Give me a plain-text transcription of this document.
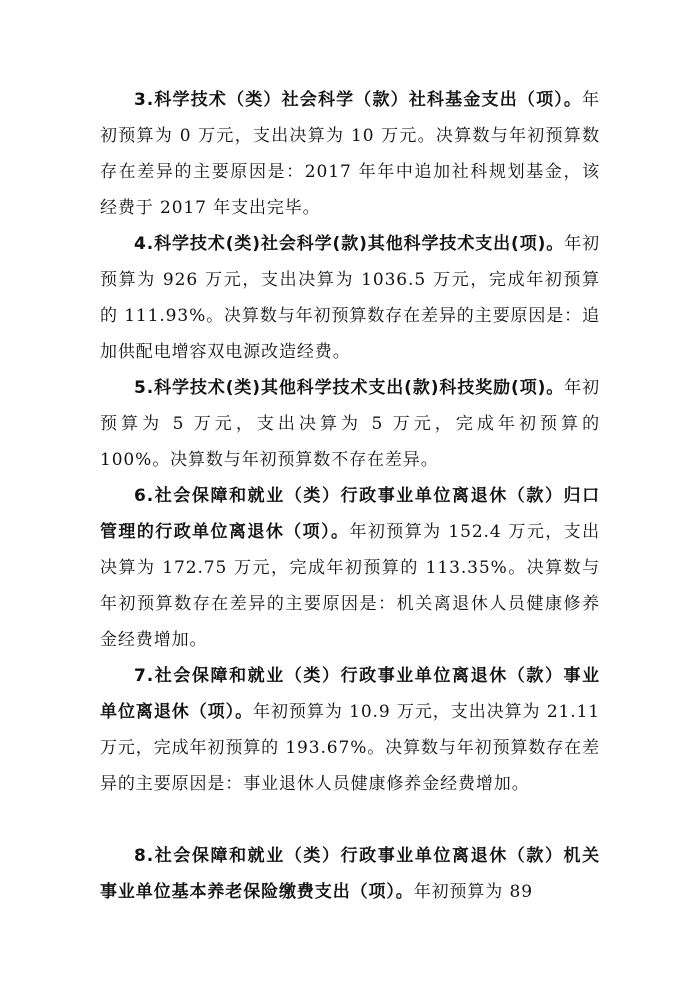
3.科学技术（类）社会科学（款）社科基金支出（项）。年初预算为 0 万元，支出决算为 10 万元。决算数与年初预算数存在差异的主要原因是：2017 年年中追加社科规划基金，该经费于 2017 年支出完毕。

4.科学技术(类)社会科学(款)其他科学技术支出(项)。年初预算为 926 万元，支出决算为 1036.5 万元，完成年初预算的 111.93%。决算数与年初预算数存在差异的主要原因是：追加供配电增容双电源改造经费。

5.科学技术(类)其他科学技术支出(款)科技奖励(项)。年初预算为 5 万元，支出决算为 5 万元，完成年初预算的 100%。决算数与年初预算数不存在差异。

6.社会保障和就业（类）行政事业单位离退休（款）归口管理的行政单位离退休（项）。年初预算为 152.4 万元，支出决算为 172.75 万元，完成年初预算的 113.35%。决算数与年初预算数存在差异的主要原因是：机关离退休人员健康修养金经费增加。

7.社会保障和就业（类）行政事业单位离退休（款）事业单位离退休（项）。年初预算为 10.9 万元，支出决算为 21.11 万元，完成年初预算的 193.67%。决算数与年初预算数存在差异的主要原因是：事业退休人员健康修养金经费增加。

8.社会保障和就业（类）行政事业单位离退休（款）机关事业单位基本养老保险缴费支出（项）。年初预算为 89
